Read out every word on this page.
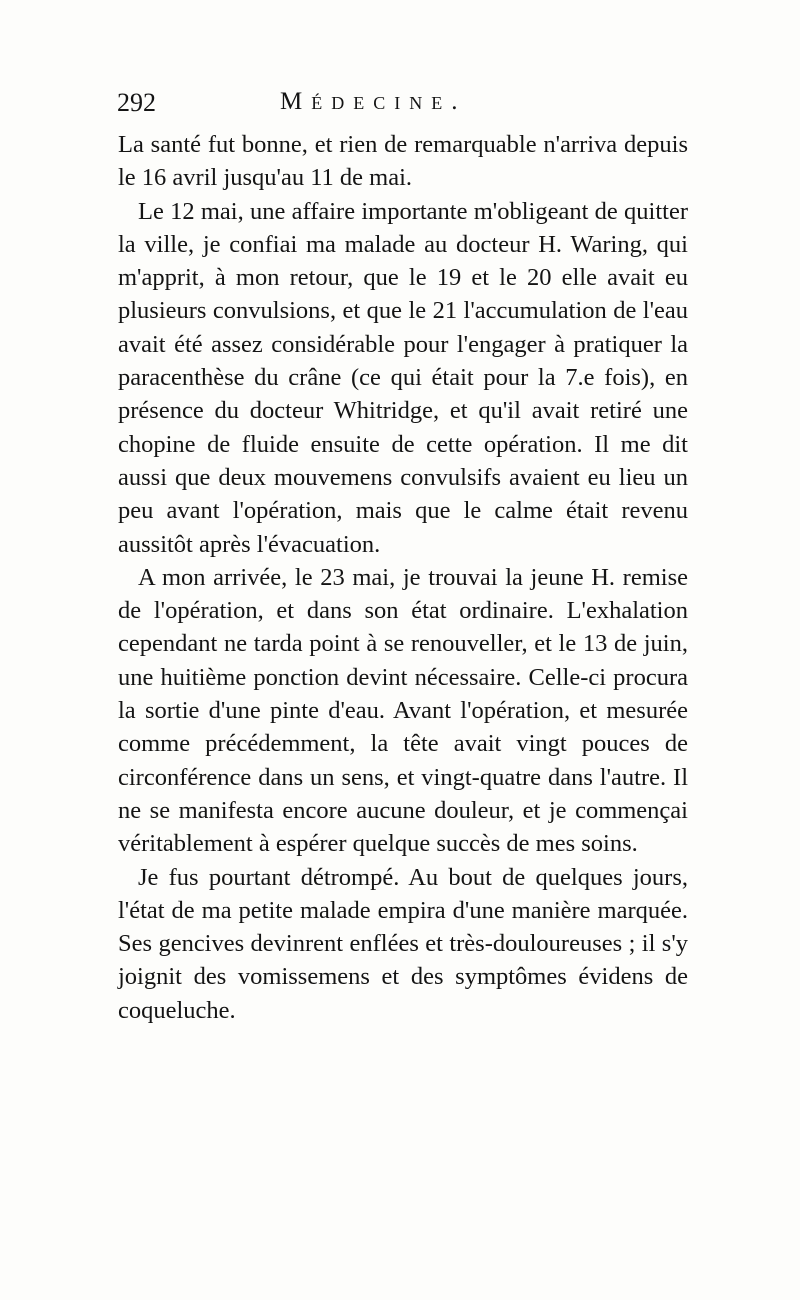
292	Médecine.

La santé fut bonne, et rien de remarquable n'arriva depuis le 16 avril jusqu'au 11 de mai.

Le 12 mai, une affaire importante m'obligeant de quitter la ville, je confiai ma malade au docteur H. Waring, qui m'apprit, à mon retour, que le 19 et le 20 elle avait eu plusieurs convulsions, et que le 21 l'accumulation de l'eau avait été assez considérable pour l'engager à pratiquer la paracenthèse du crâne (ce qui était pour la 7.e fois), en présence du docteur Whitridge, et qu'il avait retiré une chopine de fluide ensuite de cette opération. Il me dit aussi que deux mouvemens convulsifs avaient eu lieu un peu avant l'opération, mais que le calme était revenu aussitôt après l'évacuation.

A mon arrivée, le 23 mai, je trouvai la jeune H. remise de l'opération, et dans son état ordinaire. L'exhalation cependant ne tarda point à se renouveller, et le 13 de juin, une huitième ponction devint nécessaire. Celle-ci procura la sortie d'une pinte d'eau. Avant l'opération, et mesurée comme précédemment, la tête avait vingt pouces de circonférence dans un sens, et vingt-quatre dans l'autre. Il ne se manifesta encore aucune douleur, et je commençai véritablement à espérer quelque succès de mes soins.

Je fus pourtant détrompé. Au bout de quelques jours, l'état de ma petite malade empira d'une manière marquée. Ses gencives devinrent enflées et très-douloureuses ; il s'y joignit des vomissemens et des symptômes évidens de coqueluche.
